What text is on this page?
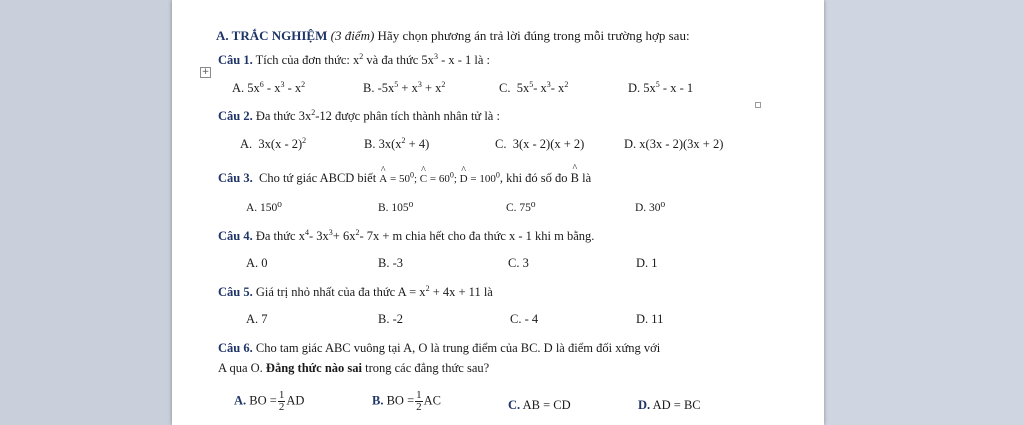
+
A. TRẮC NGHIỆM (3 điểm) Hãy chọn phương án trả lời đúng trong mỗi trường hợp sau:
Câu 1. Tích của đơn thức: $x^2$ và đa thức $5x^3$ - x - 1 là :
A. $5x^6 - x^3 - x^2$	B. $-5x^5 + x^3 + x^2$	C.  $5x^5-$ $x^3-$ $x^2$	D. $5x^5$ - x - 1
Câu 2. Đa thức $3x^2-12$ được phân tích thành nhân tử là :
A.  3x(x - 2)$^2$	B. $3x(x^2 + 4)$	C.  3(x - 2)(x + 2)	D. x(3x - 2)(3x + 2)
Câu 3. Cho tứ giác ABCD biết ^ $A = 50^0$; ^ $C = 60^0$; ^ $D = 100^0$, khi đó số đo ^ B là
A. 150⁰	B. 105⁰	C. 75⁰	D. 30⁰
Câu 4. Đa thức $x^4-$ $3x^3+ 6x^2-$ 7x + m chia hết cho đa thức x - 1 khi m bằng.
A. 0	B. -3	C. 3	D. 1
Câu 5. Giá trị nhỏ nhất của đa thức $A = x^2 + 4x + 11$ là
A. 7	B. -2	C. - 4	D. 11
Câu 6. Cho tam giác ABC vuông tại A, O là trung điểm của BC. D là điểm đối xứng với
A qua O. Đẳng thức nào sai trong các đẳng thức sau?
A. BO = $\frac{1}{2}$ AD	B. BO = $\frac{1}{2}$ AC	C. AB = CD	D. AD = BC
